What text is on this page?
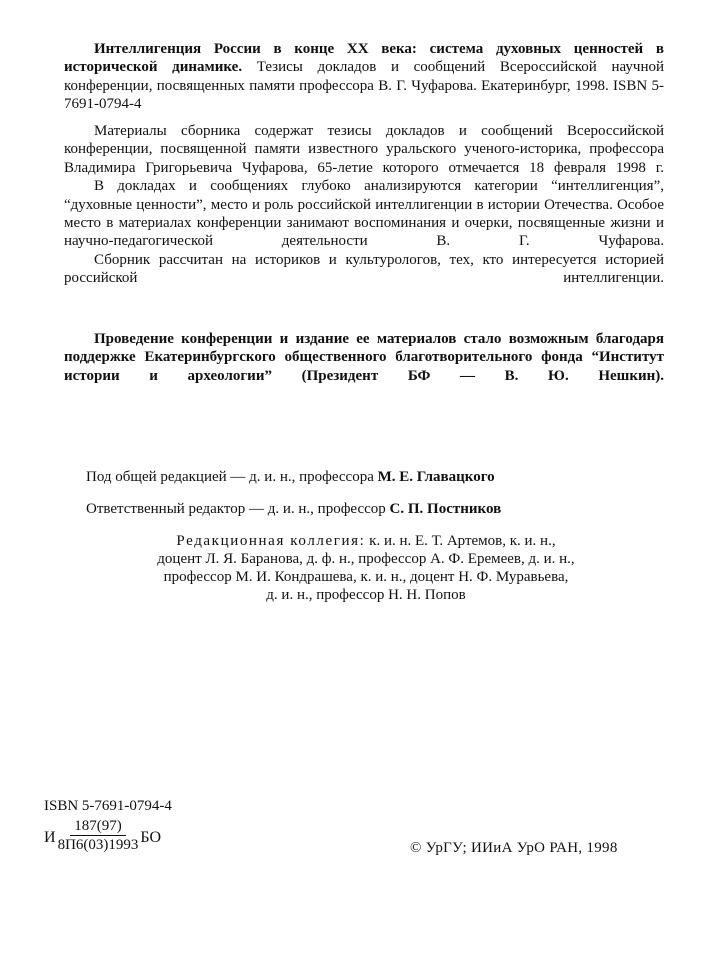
Интеллигенция России в конце XX века: система духовных ценностей в исторической динамике. Тезисы докладов и сообщений Всероссийской научной конференции, посвященных памяти профессора В. Г. Чуфарова. Екатеринбург, 1998. ISBN 5-7691-0794-4
Материалы сборника содержат тезисы докладов и сообщений Всероссийской конференции, посвященной памяти известного уральского ученого-историка, профессора Владимира Григорьевича Чуфарова, 65-летие которого отмечается 18 февраля 1998 г.
В докладах и сообщениях глубоко анализируются категории “интеллигенция”, “духовные ценности”, место и роль российской интеллигенции в истории Отечества. Особое место в материалах конференции занимают воспоминания и очерки, посвященные жизни и научно-педагогической деятельности В. Г. Чуфарова.
Сборник рассчитан на историков и культурологов, тех, кто интересуется историей российской интеллигенции.
Проведение конференции и издание ее материалов стало возможным благодаря поддержке Екатеринбургского общественного благотворительного фонда “Институт истории и археологии” (Президент БФ — В. Ю. Нешкин).
Под общей редакцией — д. и. н., профессора М. Е. Главацкого
Ответственный редактор — д. и. н., профессор С. П. Постников
Редакционная коллегия: к. и. н. Е. Т. Артемов, к. и. н.,
доцент Л. Я. Баранова, д. ф. н., профессор А. Ф. Еремеев, д. и. н.,
профессор М. И. Кондрашева, к. и. н., доцент Н. Ф. Муравьева,
д. и. н., профессор Н. Н. Попов
ISBN 5-7691-0794-4
И $\frac{187(97)}{8П6(03)1993}$ БО
© УрГУ; ИИиА УрО РАН, 1998
